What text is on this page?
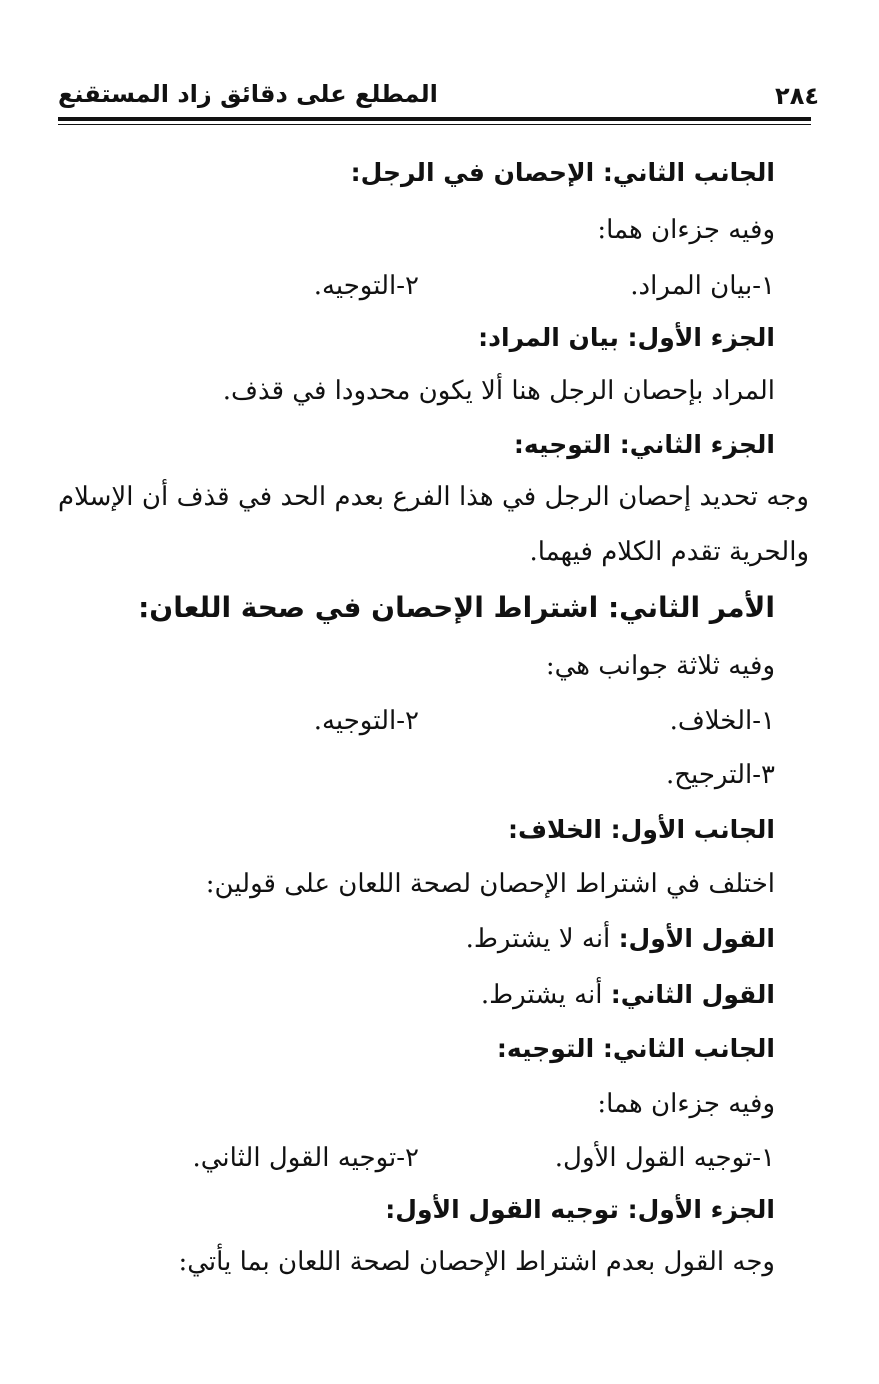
٢٨٤
المطلع على دقائق زاد المستقنع
الجانب الثاني: الإحصان في الرجل:
وفيه جزءان هما:
١-بيان المراد.
٢-التوجيه.
الجزء الأول: بيان المراد:
المراد بإحصان الرجل هنا ألا يكون محدودا في قذف.
الجزء الثاني: التوجيه:
وجه تحديد إحصان الرجل في هذا الفرع بعدم الحد في قذف أن الإسلام
والحرية تقدم الكلام فيهما.
الأمر الثاني: اشتراط الإحصان في صحة اللعان:
وفيه ثلاثة جوانب هي:
١-الخلاف.
٢-التوجيه.
٣-الترجيح.
الجانب الأول: الخلاف:
اختلف في اشتراط الإحصان لصحة اللعان على قولين:
القول الأول: أنه لا يشترط.
القول الثاني: أنه يشترط.
الجانب الثاني: التوجيه:
وفيه جزءان هما:
١-توجيه القول الأول.
٢-توجيه القول الثاني.
الجزء الأول: توجيه القول الأول:
وجه القول بعدم اشتراط الإحصان لصحة اللعان بما يأتي:
